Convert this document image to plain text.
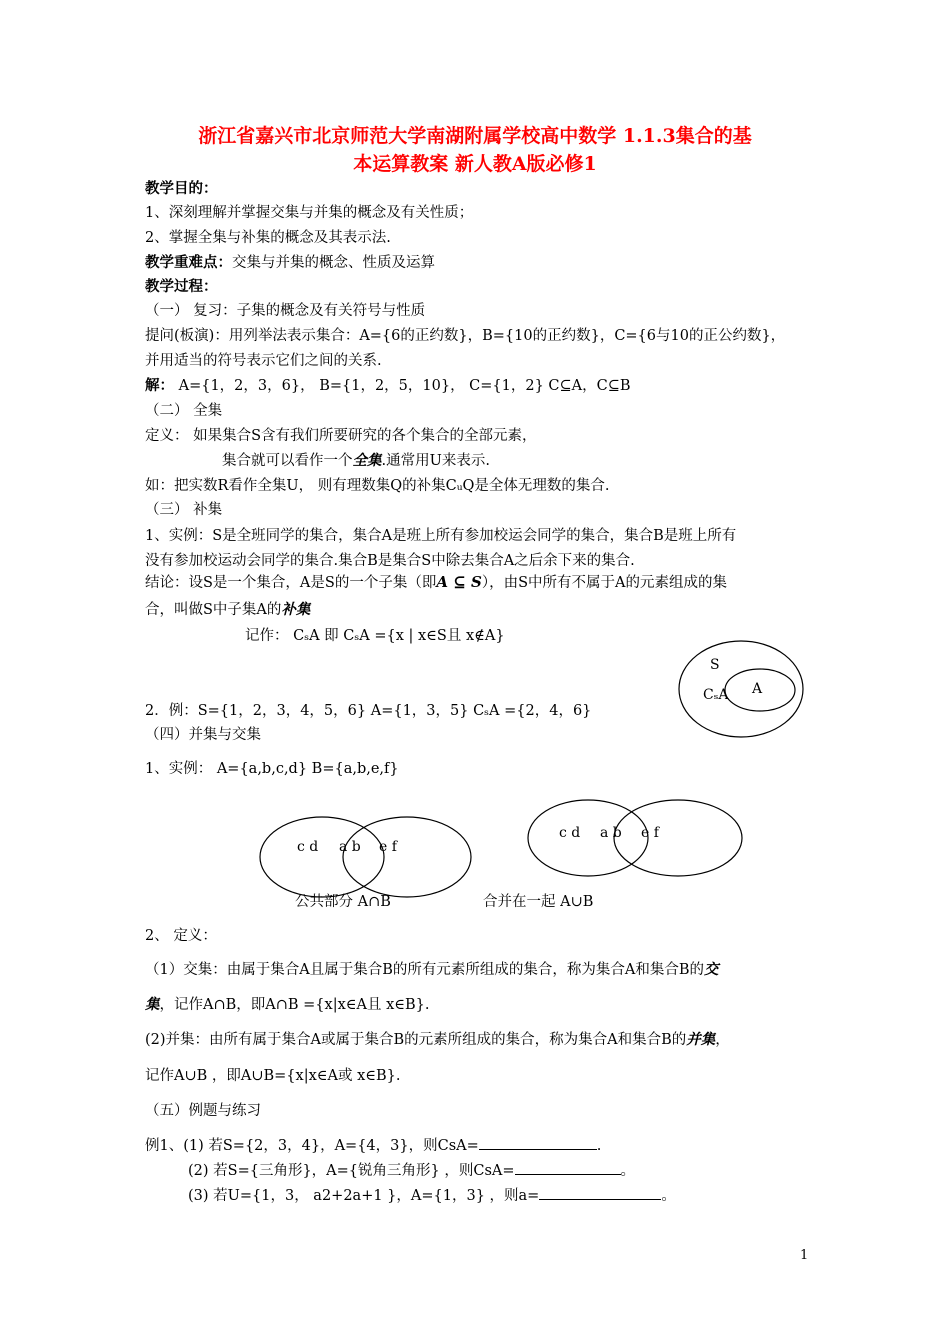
浙江省嘉兴市北京师范大学南湖附属学校高中数学 1.1.3集合的基
本运算教案 新人教A版必修1
教学目的：
1、深刻理解并掌握交集与并集的概念及有关性质；
2、掌握全集与补集的概念及其表示法.
教学重难点：交集与并集的概念、性质及运算
教学过程：
（一） 复习：子集的概念及有关符号与性质
提问(板演)：用列举法表示集合：A={6的正约数}，B={10的正约数}，C={6与10的正公约数}，
并用适当的符号表示它们之间的关系.
解： A={1，2，3，6}， B={1，2，5，10}， C={1，2} C⊆A，C⊆B
（二） 全集
定义： 如果集合S含有我们所要研究的各个集合的全部元素，
集合就可以看作一个全集.通常用U来表示.
如：把实数R看作全集U， 则有理数集Q的补集CᵤQ是全体无理数的集合.
（三） 补集
1、实例：S是全班同学的集合，集合A是班上所有参加校运会同学的集合，集合B是班上所有
没有参加校运动会同学的集合.集合B是集合S中除去集合A之后余下来的集合.
结论：设S是一个集合，A是S的一个子集（即A ⊆ S），由S中所有不属于A的元素组成的集
合，叫做S中子集A的补集
记作： CₛA 即 CₛA ={x | x∈S且 x∉A}
S
A
CₛA
2．例：S={1，2，3，4，5，6} A={1，3，5} CₛA ={2，4，6}
（四）并集与交集
1、实例： A={a,b,c,d} B={a,b,e,f}
c d a b e f
公共部分 A∩B
c d a b e f
合并在一起 A∪B
2、 定义：
（1）交集：由属于集合A且属于集合B的所有元素所组成的集合，称为集合A和集合B的交
集，记作A∩B，即A∩B ={x|x∈A且 x∈B}.
(2)并集：由所有属于集合A或属于集合B的元素所组成的集合，称为集合A和集合B的并集，
记作A∪B ，即A∪B={x|x∈A或 x∈B}.
（五）例题与练习
例1、(1) 若S={2，3，4}，A={4，3}，则CsA=	.
(2) 若S={三角形}，A={锐角三角形} ，则CsA=	。
(3) 若U={1，3， a2+2a+1 }，A={1，3} ，则a=	。
1
